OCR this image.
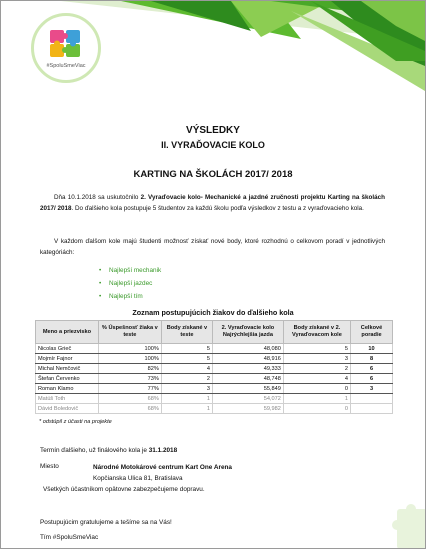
#SpoluSmeViac
VÝSLEDKY
II. VYRAĎOVACIE KOLO
KARTING NA ŠKOLÁCH 2017/ 2018
Dňa 10.1.2018 sa uskutočnilo 2. Vyraďovacie kolo- Mechanické a jazdné zručnosti projektu Karting na školách 2017/ 2018. Do ďalšieho kola postupuje 5 študentov za každú školu podľa výsledkov z testu a z vyraďovacieho kola.
V každom ďalšom kole majú študenti možnosť získať nové body, ktoré rozhodnú o celkovom poradí v jednotlivých kategóriách:
• Najlepší mechanik
• Najlepší jazdec
• Najlepší tím
Zoznam postupujúcich žiakov do ďalšieho kola
Meno a priezvisko	% Úspešnosť žiaka v teste	Body získané v teste	2. Vyraďovacie kolo Najrýchlejšia jazda	Body získané v 2. Vyraďovacom kole	Celkové poradie
Nicolas Grieč	100%	5	48,080	5	10
Mojmír Fajnor	100%	5	48,916	3	8
Michal Nemčovič	82%	4	49,333	2	6
Štefan Červenko	73%	2	48,748	4	6
Roman Klamo	77%	3	55,849	0	3
Matúš Toth	68%	1	54,072	1	
Dávid Boledovič	68%	1	59,982	0	
* odstúpil z účasti na projekte
Termín ďalšieho, už finálového kola je 31.1.2018
Miesto	Národné Motokárové centrum Kart One Arena
Kopčianska Ulica 81, Bratislava
Všetkých účastníkom opätovne zabezpečujeme dopravu.
Postupujúcim gratulujeme a tešíme sa na Vás!
Tím #SpoluSmeViac
